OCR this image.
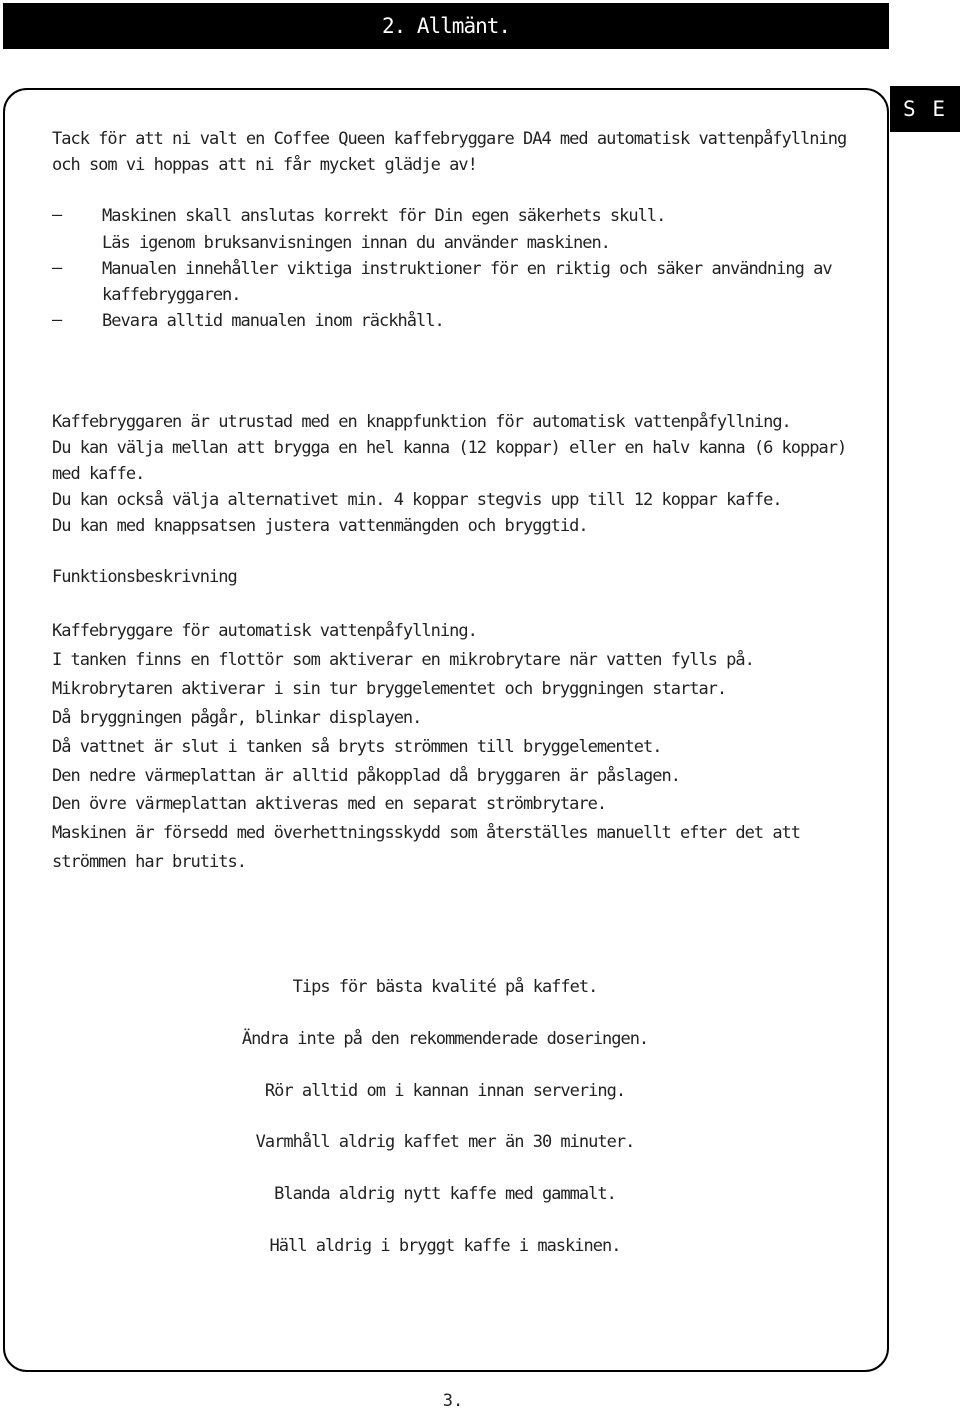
2. Allmänt.
S E
Tack för att ni valt en Coffee Queen kaffebryggare DA4 med automatisk vattenpåfyllning
och som vi hoppas att ni får mycket glädje av!
– Maskinen skall anslutas korrekt för Din egen säkerhets skull.
Läs igenom bruksanvisningen innan du använder maskinen.
– Manualen innehåller viktiga instruktioner för en riktig och säker användning av
kaffebryggaren.
– Bevara alltid manualen inom räckhåll.
Kaffebryggaren är utrustad med en knappfunktion för automatisk vattenpåfyllning.
Du kan välja mellan att brygga en hel kanna (12 koppar) eller en halv kanna (6 koppar)
med kaffe.
Du kan också välja alternativet min. 4 koppar stegvis upp till 12 koppar kaffe.
Du kan med knappsatsen justera vattenmängden och bryggtid.
Funktionsbeskrivning
Kaffebryggare för automatisk vattenpåfyllning.
I tanken finns en flottör som aktiverar en mikrobrytare när vatten fylls på.
Mikrobrytaren aktiverar i sin tur bryggelementet och bryggningen startar.
Då bryggningen pågår, blinkar displayen.
Då vattnet är slut i tanken så bryts strömmen till bryggelementet.
Den nedre värmeplattan är alltid påkopplad då bryggaren är påslagen.
Den övre värmeplattan aktiveras med en separat strömbrytare.
Maskinen är försedd med överhettningsskydd som återställes manuellt efter det att
strömmen har brutits.
Tips för bästa kvalité på kaffet.
Ändra inte på den rekommenderade doseringen.
Rör alltid om i kannan innan servering.
Varmhåll aldrig kaffet mer än 30 minuter.
Blanda aldrig nytt kaffe med gammalt.
Häll aldrig i bryggt kaffe i maskinen.
3.
